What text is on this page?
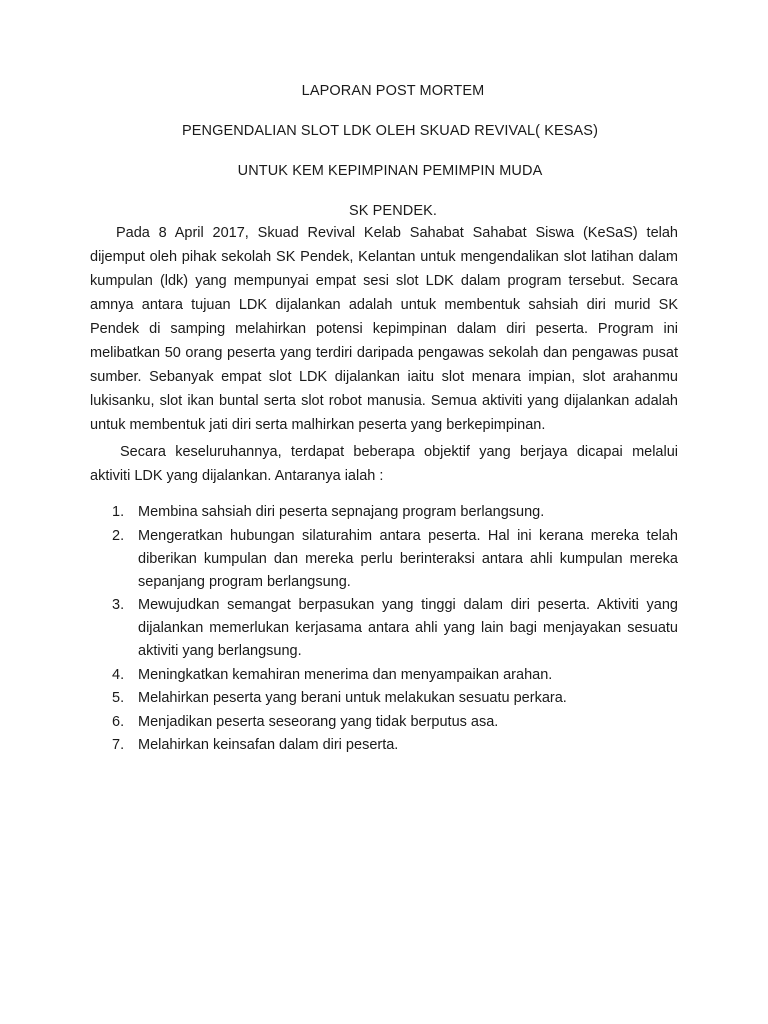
LAPORAN POST MORTEM
PENGENDALIAN SLOT LDK OLEH SKUAD REVIVAL( KESAS)
UNTUK KEM KEPIMPINAN PEMIMPIN MUDA
SK PENDEK.

Pada 8 April 2017, Skuad Revival Kelab Sahabat Sahabat Siswa (KeSaS) telah dijemput oleh pihak sekolah SK Pendek, Kelantan untuk mengendalikan slot latihan dalam kumpulan (ldk) yang mempunyai empat sesi slot LDK dalam program tersebut. Secara amnya antara tujuan LDK dijalankan adalah untuk membentuk sahsiah diri murid SK Pendek di samping melahirkan potensi kepimpinan dalam diri peserta. Program ini melibatkan 50 orang peserta yang terdiri daripada pengawas sekolah dan pengawas pusat sumber. Sebanyak empat slot LDK dijalankan iaitu slot menara impian, slot arahanmu lukisanku, slot ikan buntal serta slot robot manusia. Semua aktiviti yang dijalankan adalah untuk membentuk jati diri serta malhirkan peserta yang berkepimpinan.

Secara keseluruhannya, terdapat beberapa objektif yang berjaya dicapai melalui aktiviti LDK yang dijalankan. Antaranya ialah :

1. Membina sahsiah diri peserta sepnajang program berlangsung.
2. Mengeratkan hubungan silaturahim antara peserta. Hal ini kerana mereka telah diberikan kumpulan dan mereka perlu berinteraksi antara ahli kumpulan mereka sepanjang program berlangsung.
3. Mewujudkan semangat berpasukan yang tinggi dalam diri peserta. Aktiviti yang dijalankan memerlukan kerjasama antara ahli yang lain bagi menjayakan sesuatu aktiviti yang berlangsung.
4. Meningkatkan kemahiran menerima dan menyampaikan arahan.
5. Melahirkan peserta yang berani untuk melakukan sesuatu perkara.
6. Menjadikan peserta seseorang yang tidak berputus asa.
7. Melahirkan keinsafan dalam diri peserta.
